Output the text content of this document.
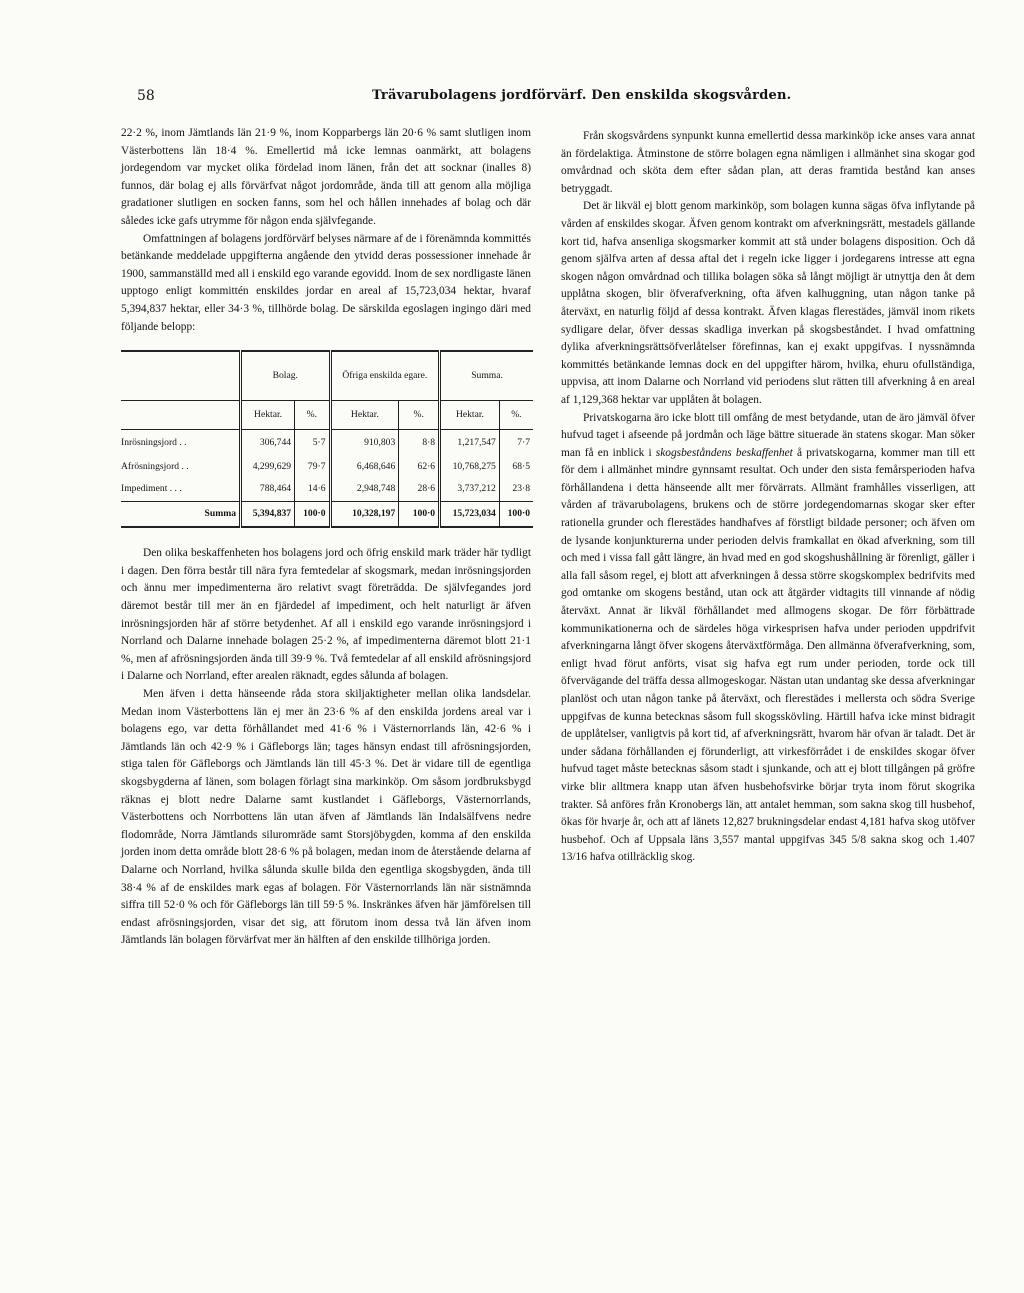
58	Trävarubolagens jordförvärf. Den enskilda skogsvården.

22·2 %, inom Jämtlands län 21·9 %, inom Kopparbergs län 20·6 % samt slutligen inom Västerbottens län 18·4 %. Emellertid må icke lemnas oanmärkt, att bolagens jordegendom var mycket olika fördelad inom länen, från det att socknar (inalles 8) funnos, där bolag ej alls förvärfvat något jordområde, ända till att genom alla möjliga gradationer slutligen en socken fanns, som hel och hållen innehades af bolag och där således icke gafs utrymme för någon enda självfegande.

Omfattningen af bolagens jordförvärf belyses närmare af de i förenämnda kommittés betänkande meddelade uppgifterna angående den ytvidd deras possessioner innehade år 1900, sammanställd med all i enskild ego varande egovidd. Inom de sex nordligaste länen upptogo enligt kommittén enskildes jordar en areal af 15,723,034 hektar, hvaraf 5,394,837 hektar, eller 34·3 %, tillhörde bolag. De särskilda egoslagen ingingo däri med följande belopp:

	Bolag.		Öfriga enskilda egare.		Summa.	
	Hektar.	%.	Hektar.	%.	Hektar.	%.
Inrösningsjord . .	306,744	5·7	910,803	8·8	1,217,547	7·7
Afrösningsjord . .	4,299,629	79·7	6,468,646	62·6	10,768,275	68·5
Impediment . . .	788,464	14·6	2,948,748	28·6	3,737,212	23·8
Summa	5,394,837	100·0	10,328,197	100·0	15,723,034	100·0

Den olika beskaffenheten hos bolagens jord och öfrig enskild mark träder här tydligt i dagen. Den förra består till nära fyra femtedelar af skogsmark, medan inrösningsjorden och ännu mer impedimenterna äro relativt svagt företrädda. De självfegandes jord däremot består till mer än en fjärdedel af impediment, och helt naturligt är äfven inrösningsjorden här af större betydenhet. Af all i enskild ego varande inrösningsjord i Norrland och Dalarne innehade bolagen 25·2 %, af impedimenterna däremot blott 21·1 %, men af afrösningsjorden ända till 39·9 %. Två femtedelar af all enskild afrösningsjord i Dalarne och Norrland, efter arealen räknadt, egdes sålunda af bolagen.

Men äfven i detta hänseende råda stora skiljaktigheter mellan olika landsdelar. Medan inom Västerbottens län ej mer än 23·6 % af den enskilda jordens areal var i bolagens ego, var detta förhållandet med 41·6 % i Västernorrlands län, 42·6 % i Jämtlands län och 42·9 % i Gäfleborgs län; tages hänsyn endast till afrösningsjorden, stiga talen för Gäfleborgs och Jämtlands län till 45·3 %. Det är vidare till de egentliga skogsbygderna af länen, som bolagen förlagt sina markinköp. Om såsom jordbruksbygd räknas ej blott nedre Dalarne samt kustlandet i Gäfleborgs, Västernorrlands, Västerbottens och Norrbottens län utan äfven af Jämtlands län Indalsälfvens nedre flodområde, Norra Jämtlands siluromräde samt Storsjöbygden, komma af den enskilda jorden inom detta område blott 28·6 % på bolagen, medan inom de återstående delarna af Dalarne och Norrland, hvilka sålunda skulle bilda den egentliga skogsbygden, ända till 38·4 % af de enskildes mark egas af bolagen. För Västernorrlands län när sistnämnda siffra till 52·0 % och för Gäfleborgs län till 59·5 %. Inskränkes äfven här jämförelsen till endast afrösningsjorden, visar det sig, att förutom inom dessa två län äfven inom Jämtlands län bolagen förvärfvat mer än hälften af den enskilde tillhöriga jorden.

Från skogsvårdens synpunkt kunna emellertid dessa markinköp icke anses vara annat än fördelaktiga. Åtminstone de större bolagen egna nämligen i allmänhet sina skogar god omvårdnad och sköta dem efter sådan plan, att deras framtida bestånd kan anses betryggadt.

Det är likväl ej blott genom markinköp, som bolagen kunna sägas öfva inflytande på vården af enskildes skogar. Äfven genom kontrakt om afverkningsrätt, mestadels gällande kort tid, hafva ansenliga skogsmarker kommit att stå under bolagens disposition. Och då genom själfva arten af dessa aftal det i regeln icke ligger i jordegarens intresse att egna skogen någon omvårdnad och tillika bolagen söka så långt möjligt är utnyttja den åt dem upplåtna skogen, blir öfverafverkning, ofta äfven kalhuggning, utan någon tanke på återväxt, en naturlig följd af dessa kontrakt. Äfven klagas flerestädes, jämväl inom rikets sydligare delar, öfver dessas skadliga inverkan på skogsbeståndet. I hvad omfattning dylika afverkningsrättsöfverlåtelser förefinnas, kan ej exakt uppgifvas. I nyssnämnda kommittés betänkande lemnas dock en del uppgifter härom, hvilka, ehuru ofullständiga, uppvisa, att inom Dalarne och Norrland vid periodens slut rätten till afverkning å en areal af 1,129,368 hektar var upplåten åt bolagen.

Privatskogarna äro icke blott till omfång de mest betydande, utan de äro jämväl öfver hufvud taget i afseende på jordmån och läge bättre situerade än statens skogar. Man söker man få en inblick i skogsbeståndens beskaffenhet å privatskogarna, kommer man till ett för dem i allmänhet mindre gynnsamt resultat. Och under den sista femårsperioden hafva förhållandena i detta hänseende allt mer förvärrats. Allmänt framhålles visserligen, att vården af trävarubolagens, brukens och de större jordegendomarnas skogar sker efter rationella grunder och flerestädes handhafves af förstligt bildade personer; och äfven om de lysande konjunkturerna under perioden delvis framkallat en ökad afverkning, som till och med i vissa fall gått längre, än hvad med en god skogshushållning är förenligt, gäller i alla fall såsom regel, ej blott att afverkningen å dessa större skogskomplex bedrifvits med god omtanke om skogens bestånd, utan ock att åtgärder vidtagits till vinnande af nödig återväxt. Annat är likväl förhållandet med allmogens skogar. De förr förbättrade kommunikationerna och de särdeles höga virkesprisen hafva under perioden uppdrifvit afverkningarna långt öfver skogens återväxtförmåga. Den allmänna öfverafverkning, som, enligt hvad förut anförts, visat sig hafva egt rum under perioden, torde ock till öfvervägande del träffa dessa allmogeskogar. Nästan utan undantag ske dessa afverkningar planlöst och utan någon tanke på återväxt, och flerestädes i mellersta och södra Sverige uppgifvas de kunna betecknas såsom full skogsskövling. Härtill hafva icke minst bidragit de upplåtelser, vanligtvis på kort tid, af afverkningsrätt, hvarom här ofvan är taladt. Det är under sådana förhållanden ej förunderligt, att virkesförrådet i de enskildes skogar öfver hufvud taget måste betecknas såsom stadt i sjunkande, och att ej blott tillgången på gröfre virke blir alltmera knapp utan äfven husbehofsvirke börjar tryta inom förut skogrika trakter. Så anföres från Kronobergs län, att antalet hemman, som sakna skog till husbehof, ökas för hvarje år, och att af länets 12,827 brukningsdelar endast 4,181 hafva skog utöfver husbehof. Och af Uppsala läns 3,557 mantal uppgifvas 345 5/8 sakna skog och 1.407 13/16 hafva otillräcklig skog.
